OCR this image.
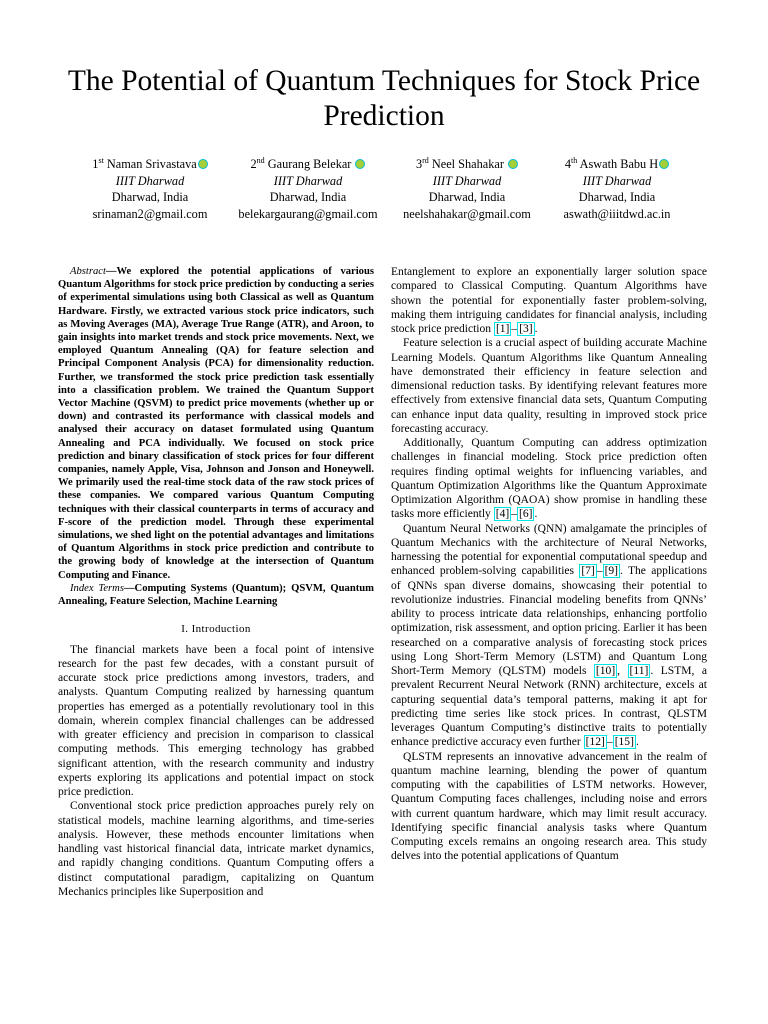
The Potential of Quantum Techniques for Stock Price Prediction
1st Naman Srivastava
IIIT Dharwad
Dharwad, India
srinaman2@gmail.com
2nd Gaurang Belekar
IIIT Dharwad
Dharwad, India
belekargaurang@gmail.com
3rd Neel Shahakar
IIIT Dharwad
Dharwad, India
neelshahakar@gmail.com
4th Aswath Babu H
IIIT Dharwad
Dharwad, India
aswath@iiitdwd.ac.in

Abstract—We explored the potential applications of various Quantum Algorithms for stock price prediction by conducting a series of experimental simulations using both Classical as well as Quantum Hardware. Firstly, we extracted various stock price indicators, such as Moving Averages (MA), Average True Range (ATR), and Aroon, to gain insights into market trends and stock price movements. Next, we employed Quantum Annealing (QA) for feature selection and Principal Component Analysis (PCA) for dimensionality reduction. Further, we transformed the stock price prediction task essentially into a classification problem. We trained the Quantum Support Vector Machine (QSVM) to predict price movements (whether up or down) and contrasted its performance with classical models and analysed their accuracy on dataset formulated using Quantum Annealing and PCA individually. We focused on stock price prediction and binary classification of stock prices for four different companies, namely Apple, Visa, Johnson and Jonson and Honeywell. We primarily used the real-time stock data of the raw stock prices of these companies. We compared various Quantum Computing techniques with their classical counterparts in terms of accuracy and F-score of the prediction model. Through these experimental simulations, we shed light on the potential advantages and limitations of Quantum Algorithms in stock price prediction and contribute to the growing body of knowledge at the intersection of Quantum Computing and Finance.

Index Terms—Computing Systems (Quantum); QSVM, Quantum Annealing, Feature Selection, Machine Learning

I. Introduction

The financial markets have been a focal point of intensive research for the past few decades, with a constant pursuit of accurate stock price predictions among investors, traders, and analysts. Quantum Computing realized by harnessing quantum properties has emerged as a potentially revolutionary tool in this domain, wherein complex financial challenges can be addressed with greater efficiency and precision in comparison to classical computing methods. This emerging technology has grabbed significant attention, with the research community and industry experts exploring its applications and potential impact on stock price prediction.

Conventional stock price prediction approaches purely rely on statistical models, machine learning algorithms, and time-series analysis. However, these methods encounter limitations when handling vast historical financial data, intricate market dynamics, and rapidly changing conditions. Quantum Computing offers a distinct computational paradigm, capitalizing on Quantum Mechanics principles like Superposition and

Entanglement to explore an exponentially larger solution space compared to Classical Computing. Quantum Algorithms have shown the potential for exponentially faster problem-solving, making them intriguing candidates for financial analysis, including stock price prediction [1] – [3] .

Feature selection is a crucial aspect of building accurate Machine Learning Models. Quantum Algorithms like Quantum Annealing have demonstrated their efficiency in feature selection and dimensional reduction tasks. By identifying relevant features more effectively from extensive financial data sets, Quantum Computing can enhance input data quality, resulting in improved stock price forecasting accuracy.

Additionally, Quantum Computing can address optimization challenges in financial modeling. Stock price prediction often requires finding optimal weights for influencing variables, and Quantum Optimization Algorithms like the Quantum Approximate Optimization Algorithm (QAOA) show promise in handling these tasks more efficiently [4] – [6] .

Quantum Neural Networks (QNN) amalgamate the principles of Quantum Mechanics with the architecture of Neural Networks, harnessing the potential for exponential computational speedup and enhanced problem-solving capabilities [7] – [9] . The applications of QNNs span diverse domains, showcasing their potential to revolutionize industries. Financial modeling benefits from QNNs’ ability to process intricate data relationships, enhancing portfolio optimization, risk assessment, and option pricing. Earlier it has been researched on a comparative analysis of forecasting stock prices using Long Short-Term Memory (LSTM) and Quantum Long Short-Term Memory (QLSTM) models [10] , [11] . LSTM, a prevalent Recurrent Neural Network (RNN) architecture, excels at capturing sequential data’s temporal patterns, making it apt for predicting time series like stock prices. In contrast, QLSTM leverages Quantum Computing’s distinctive traits to potentially enhance predictive accuracy even further [12] – [15] .

QLSTM represents an innovative advancement in the realm of quantum machine learning, blending the power of quantum computing with the capabilities of LSTM networks. However, Quantum Computing faces challenges, including noise and errors with current quantum hardware, which may limit result accuracy. Identifying specific financial analysis tasks where Quantum Computing excels remains an ongoing research area. This study delves into the potential applications of Quantum
